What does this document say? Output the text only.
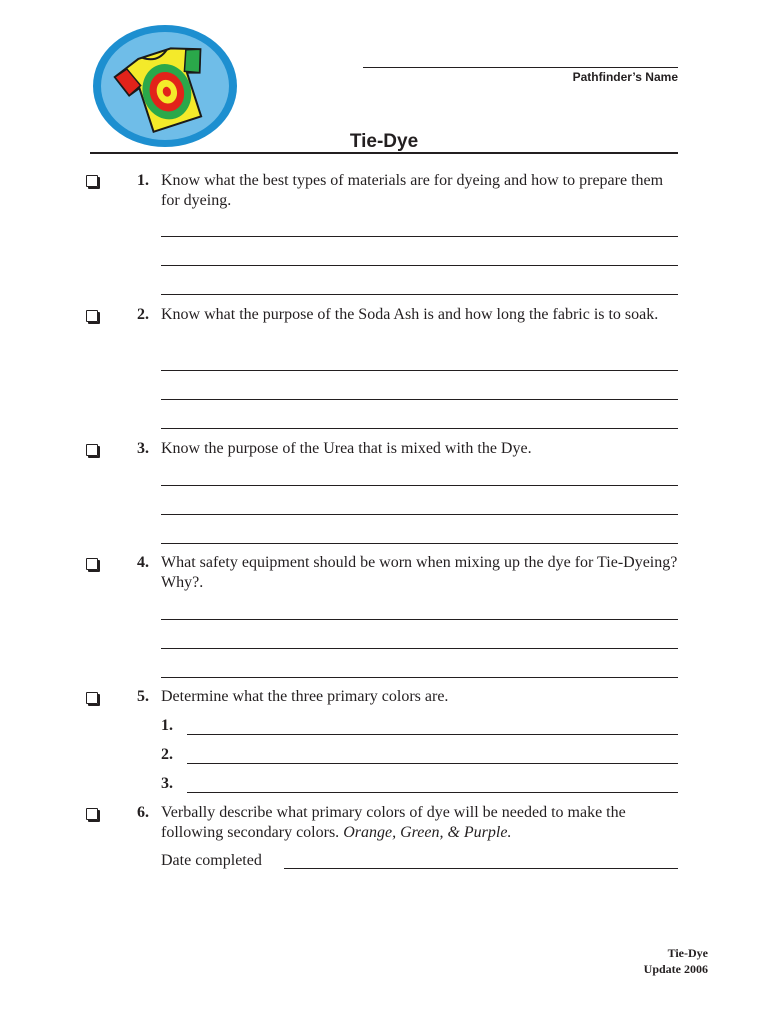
Pathfinder’s Name
Tie-Dye
1. Know what the best types of materials are for dyeing and how to prepare them for dyeing.
2. Know what the purpose of the Soda Ash is and how long the fabric is to soak.
3. Know the purpose of the Urea that is mixed with the Dye.
4. What safety equipment should be worn when mixing up the dye for Tie-Dyeing? Why?.
5. Determine what the three primary colors are.
1.
2.
3.
6. Verbally describe what primary colors of dye will be needed to make the following secondary colors. Orange, Green, & Purple.
Date completed
Tie-Dye
Update 2006
